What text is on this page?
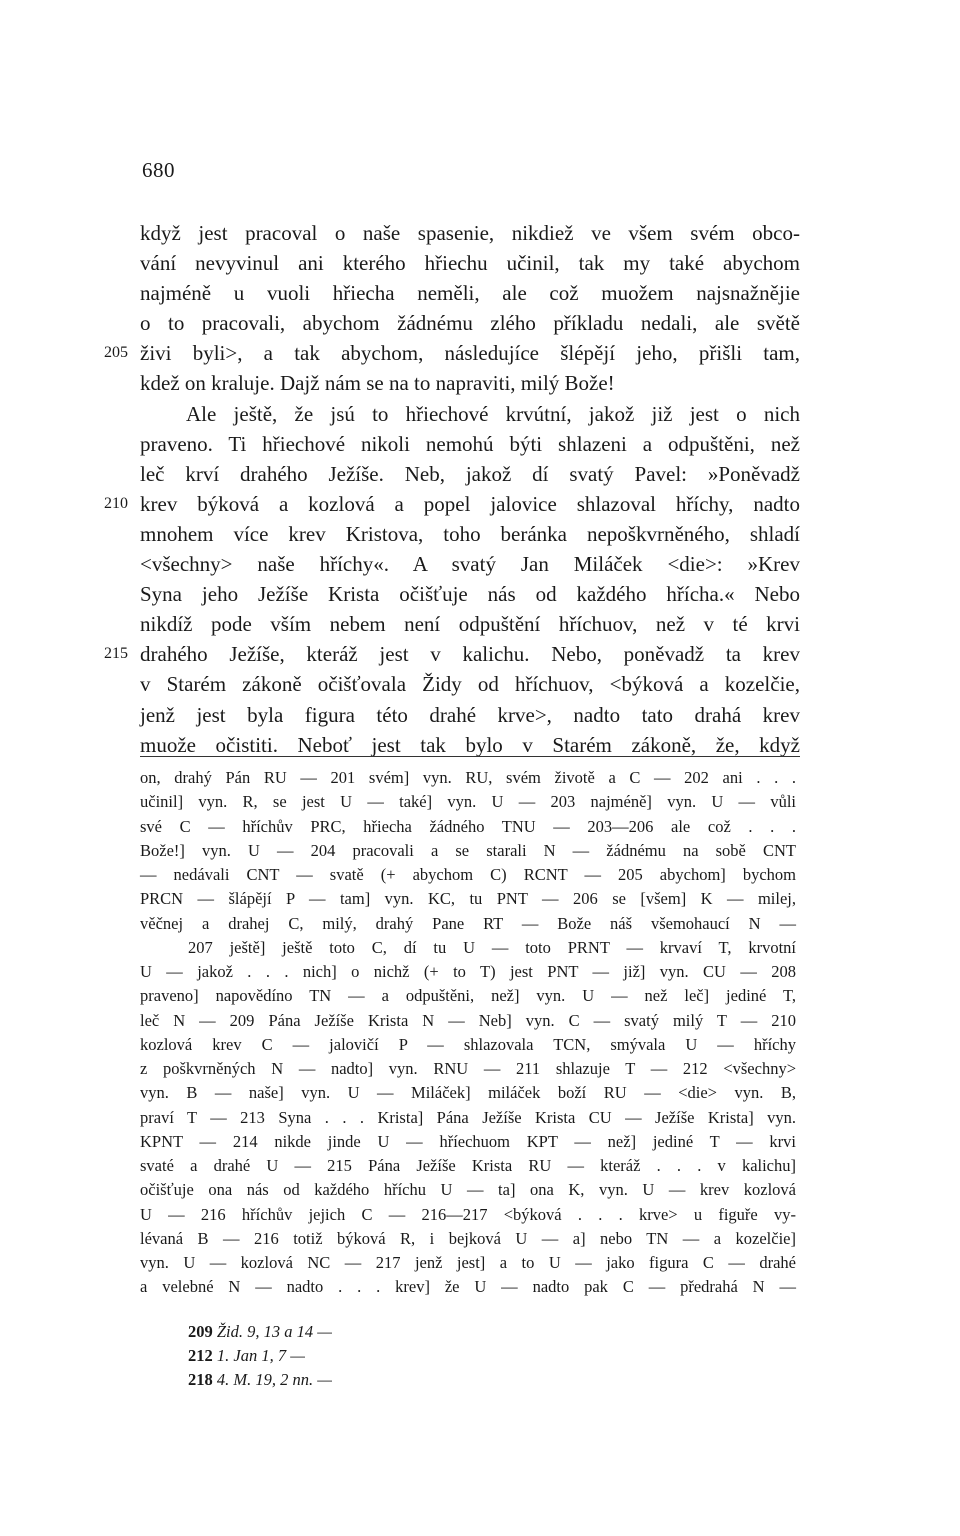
680
když jest pracoval o naše spasenie, nikdiež ve všem svém obco-
vání nevyvinul ani kterého hřiechu učinil, tak my také abychom
najméně u vuoli hřiecha neměli, ale což muožem najsnažnějie
o to pracovali, abychom žádnému zlého příkladu nedali, ale světě
205 živi byli>, a tak abychom, následujíce šlépějí jeho, přišli tam,
kdež on kraluje. Dajž nám se na to napraviti, milý Bože!
Ale ještě, že jsú to hřiechové krvútní, jakož již jest o nich
praveno. Ti hřiechové nikoli nemohú býti shlazeni a odpuštěni, než
leč krví drahého Ježíše. Neb, jakož dí svatý Pavel: »Poněvadž
210 krev býková a kozlová a popel jalovice shlazoval hříchy, nadto
mnohem více krev Kristova, toho beránka nepoškvrněného, shladí
<všechny> naše hříchy«. A svatý Jan Miláček <die>: »Krev
Syna jeho Ježíše Krista očišťuje nás od každého hřícha.« Nebo
nikdíž pode vším nebem není odpuštění hříchuov, než v té krvi
215 drahého Ježíše, kteráž jest v kalichu. Nebo, poněvadž ta krev
v Starém zákoně očišťovala Židy od hříchuov, <býková a kozelčie,
jenž jest byla figura této drahé krve>, nadto tato drahá krev
muože očistiti. Neboť jest tak bylo v Starém zákoně, že, když
on, drahý Pán RU — 201 svém] vyn. RU, svém životě a C — 202 ani . . .
učinil] vyn. R, se jest U — také] vyn. U — 203 najméně] vyn. U — vůli
své C — hříchův PRC, hřiecha žádného TNU — 203—206 ale což . . .
Bože!] vyn. U — 204 pracovali a se starali N — žádnému na sobě CNT
— nedávali CNT — svatě (+ abychom C) RCNT — 205 abychom] bychom
PRCN — šlápějí P — tam] vyn. KC, tu PNT — 206 se [všem] K — milej,
věčnej a drahej C, milý, drahý Pane RT — Bože náš všemohaucí N —
207 ještě] ještě toto C, dí tu U — toto PRNT — krvaví T, krvotní
U — jakož . . . nich] o nichž (+ to T) jest PNT — již] vyn. CU — 208
praveno] napovědíno TN — a odpuštěni, než] vyn. U — než leč] jediné T,
leč N — 209 Pána Ježíše Krista N — Neb] vyn. C — svatý milý T — 210
kozlová krev C — jalovičí P — shlazovala TCN, smývala U — hříchy
z poškvrněných N — nadto] vyn. RNU — 211 shlazuje T — 212 <všechny>
vyn. B — naše] vyn. U — Miláček] miláček boží RU — <die> vyn. B,
praví T — 213 Syna . . . Krista] Pána Ježíše Krista CU — Ježíše Krista] vyn.
KPNT — 214 nikde jinde U — hříechuom KPT — než] jediné T — krvi
svaté a drahé U — 215 Pána Ježíše Krista RU — kteráž . . . v kalichu]
očišťuje ona nás od každého hříchu U — ta] ona K, vyn. U — krev kozlová
U — 216 hříchův jejich C — 216—217 <býková . . . krve> u figuře vy-
lévaná B — 216 totiž býková R, i bejková U — a] nebo TN — a kozelčie]
vyn. U — kozlová NC — 217 jenž jest] a to U — jako figura C — drahé
a velebné N — nadto . . . krev] že U — nadto pak C — předrahá N —
209 Žid. 9, 13 a 14 —
212 1. Jan 1, 7 —
218 4. M. 19, 2 nn. —
